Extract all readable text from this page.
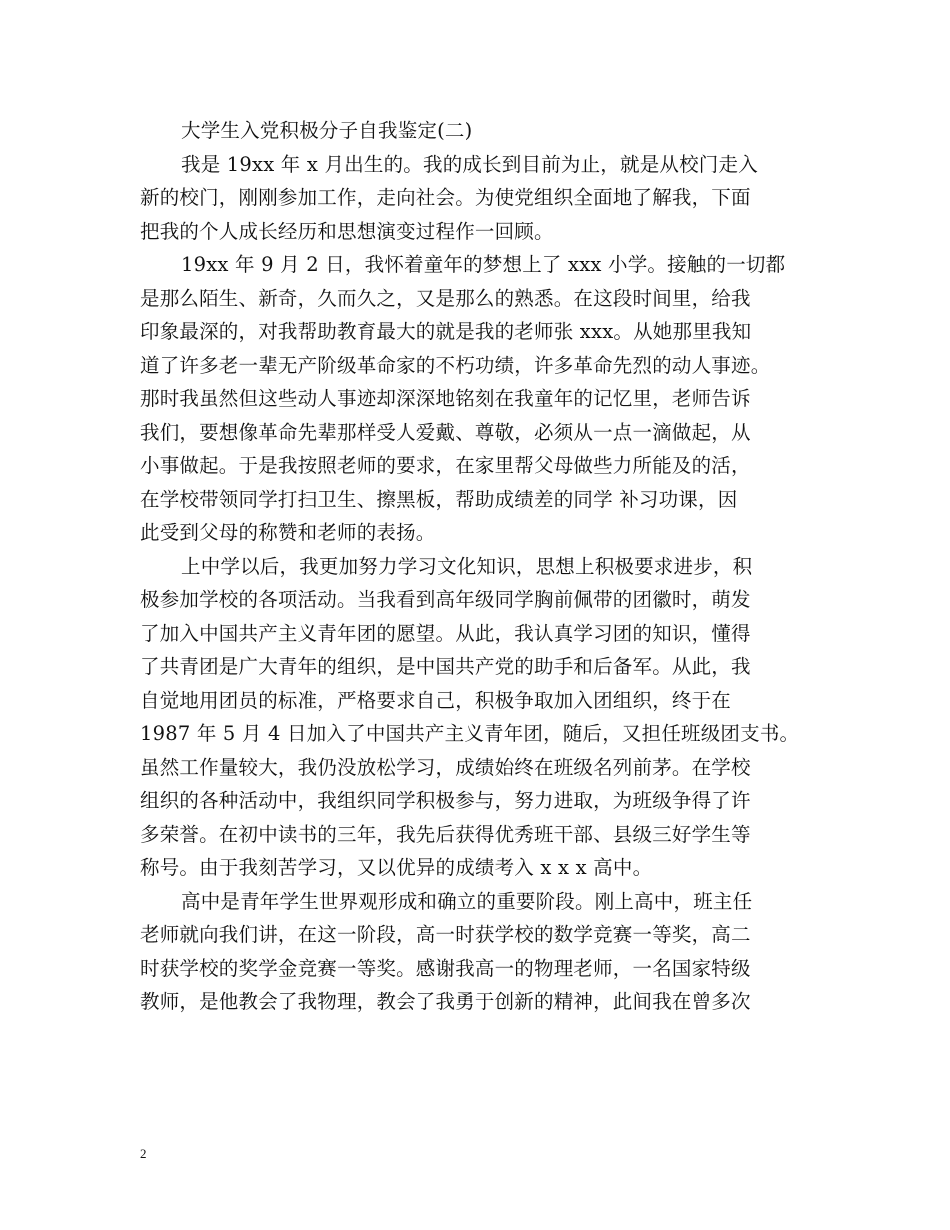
大学生入党积极分子自我鉴定(二)
我是 19xx 年 x 月出生的。我的成长到目前为止，就是从校门走入
新的校门，刚刚参加工作，走向社会。为使党组织全面地了解我，下面
把我的个人成长经历和思想演变过程作一回顾。
19xx 年 9 月 2 日，我怀着童年的梦想上了 xxx 小学。接触的一切都
是那么陌生、新奇，久而久之，又是那么的熟悉。在这段时间里，给我
印象最深的，对我帮助教育最大的就是我的老师张 xxx。从她那里我知
道了许多老一辈无产阶级革命家的不朽功绩，许多革命先烈的动人事迹。
那时我虽然但这些动人事迹却深深地铭刻在我童年的记忆里，老师告诉
我们，要想像革命先辈那样受人爱戴、尊敬，必须从一点一滴做起，从
小事做起。于是我按照老师的要求，在家里帮父母做些力所能及的活，
在学校带领同学打扫卫生、擦黑板，帮助成绩差的同学 补习功课，因
此受到父母的称赞和老师的表扬。
上中学以后，我更加努力学习文化知识，思想上积极要求进步，积
极参加学校的各项活动。当我看到高年级同学胸前佩带的团徽时，萌发
了加入中国共产主义青年团的愿望。从此，我认真学习团的知识，懂得
了共青团是广大青年的组织，是中国共产党的助手和后备军。从此，我
自觉地用团员的标准，严格要求自己，积极争取加入团组织，终于在
1987 年 5 月 4 日加入了中国共产主义青年团，随后，又担任班级团支书。
虽然工作量较大，我仍没放松学习，成绩始终在班级名列前茅。在学校
组织的各种活动中，我组织同学积极参与，努力进取，为班级争得了许
多荣誉。在初中读书的三年，我先后获得优秀班干部、县级三好学生等
称号。由于我刻苦学习，又以优异的成绩考入 x x x 高中。
高中是青年学生世界观形成和确立的重要阶段。刚上高中，班主任
老师就向我们讲，在这一阶段，高一时获学校的数学竞赛一等奖，高二
时获学校的奖学金竞赛一等奖。感谢我高一的物理老师，一名国家特级
教师，是他教会了我物理，教会了我勇于创新的精神，此间我在曾多次
2
